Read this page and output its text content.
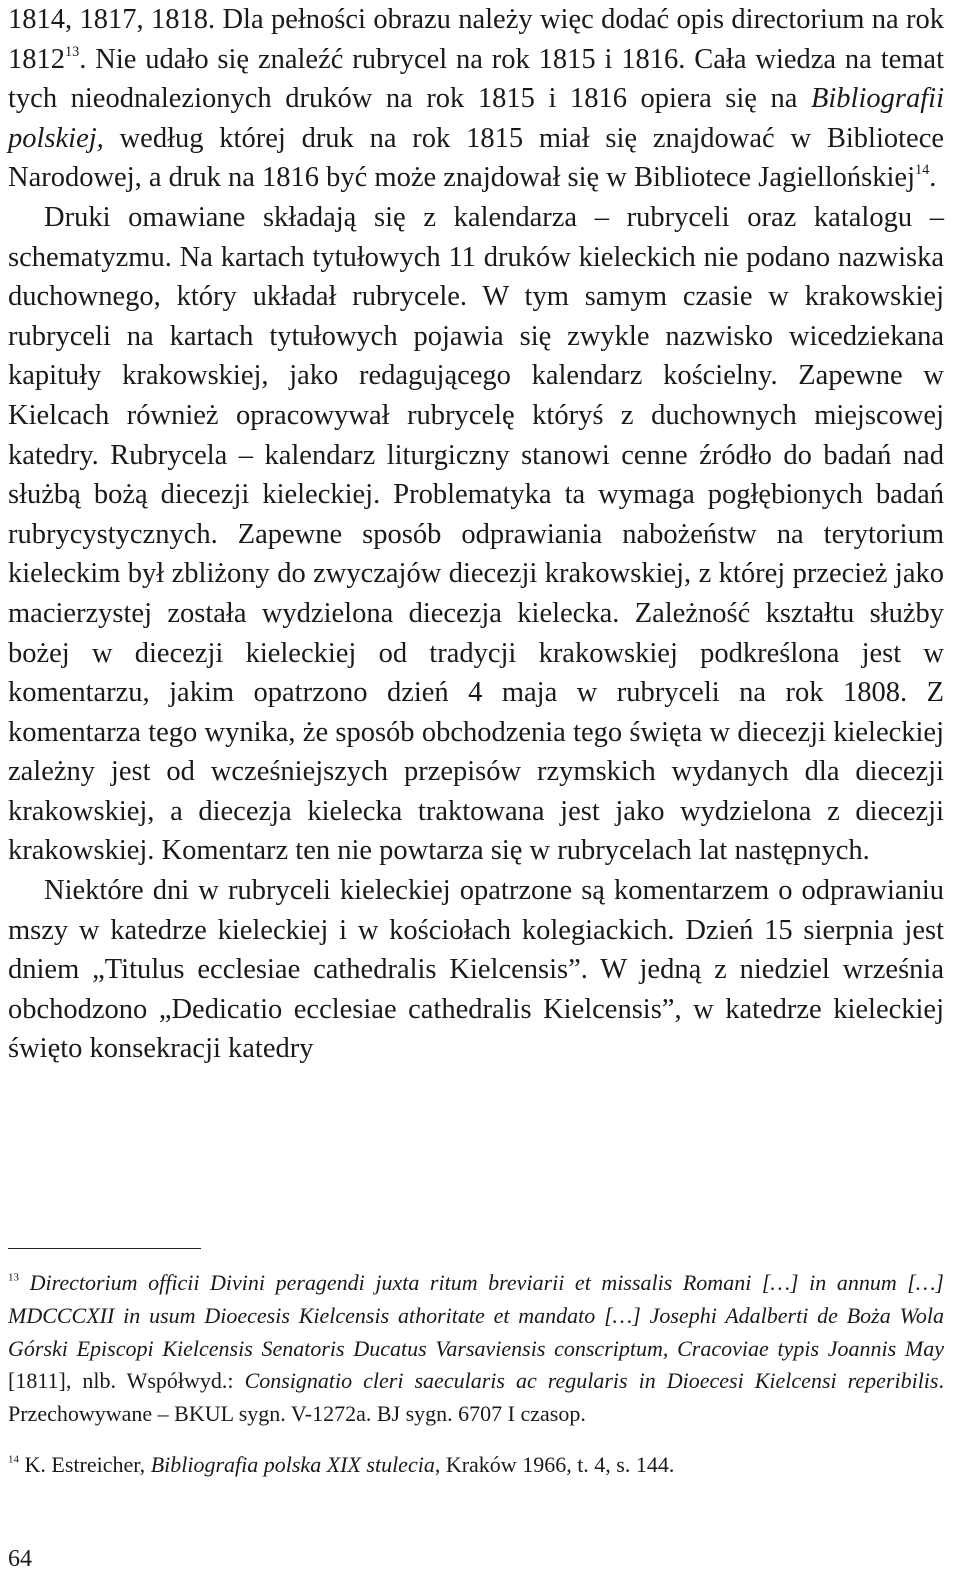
1814, 1817, 1818. Dla pełności obrazu należy więc dodać opis directorium na rok 1812$^{13}$. Nie udało się znaleźć rubrycel na rok 1815 i 1816. Cała wiedza na temat tych nieodnalezionych druków na rok 1815 i 1816 opiera się na Bibliografii polskiej, według której druk na rok 1815 miał się znajdować w Bibliotece Narodowej, a druk na 1816 być może znajdował się w Bibliotece Jagiellońskiej$^{14}$.

Druki omawiane składają się z kalendarza – rubryceli oraz katalogu – schematyzmu. Na kartach tytułowych 11 druków kieleckich nie podano nazwiska duchownego, który układał rubrycele. W tym samym czasie w krakowskiej rubryceli na kartach tytułowych pojawia się zwykle nazwisko wicedziekana kapituły krakowskiej, jako redagującego kalendarz kościelny. Zapewne w Kielcach również opracowywał rubrycelę któryś z duchownych miejscowej katedry. Rubrycela – kalendarz liturgiczny stanowi cenne źródło do badań nad służbą bożą diecezji kieleckiej. Problematyka ta wymaga pogłębionych badań rubrycystycznych. Zapewne sposób odprawiania nabożeństw na terytorium kieleckim był zbliżony do zwyczajów diecezji krakowskiej, z której przecież jako macierzystej została wydzielona diecezja kielecka. Zależność kształtu służby bożej w diecezji kieleckiej od tradycji krakowskiej podkreślona jest w komentarzu, jakim opatrzono dzień 4 maja w rubryceli na rok 1808. Z komentarza tego wynika, że sposób obchodzenia tego święta w diecezji kieleckiej zależny jest od wcześniejszych przepisów rzymskich wydanych dla diecezji krakowskiej, a diecezja kielecka traktowana jest jako wydzielona z diecezji krakowskiej. Komentarz ten nie powtarza się w rubrycelach lat następnych.

Niektóre dni w rubryceli kieleckiej opatrzone są komentarzem o odprawianiu mszy w katedrze kieleckiej i w kościołach kolegiackich. Dzień 15 sierpnia jest dniem „Titulus ecclesiae cathedralis Kielcensis”. W jedną z niedziel września obchodzono „Dedicatio ecclesiae cathedralis Kielcensis”, w katedrze kieleckiej święto konsekracji katedry

$^{13}$ Directorium officii Divini peragendi juxta ritum breviarii et missalis Romani […] in annum […] MDCCCXII in usum Dioecesis Kielcensis athoritate et mandato […] Josephi Adalberti de Boża Wola Górski Episcopi Kielcensis Senatoris Ducatus Varsaviensis conscriptum, Cracoviae typis Joannis May [1811], nlb. Współwyd.: Consignatio cleri saecularis ac regularis in Dioecesi Kielcensi reperibilis. Przechowywane – BKUL sygn. V-1272a. BJ sygn. 6707 I czasop.

$^{14}$ K. Estreicher, Bibliografia polska XIX stulecia, Kraków 1966, t. 4, s. 144.

64
